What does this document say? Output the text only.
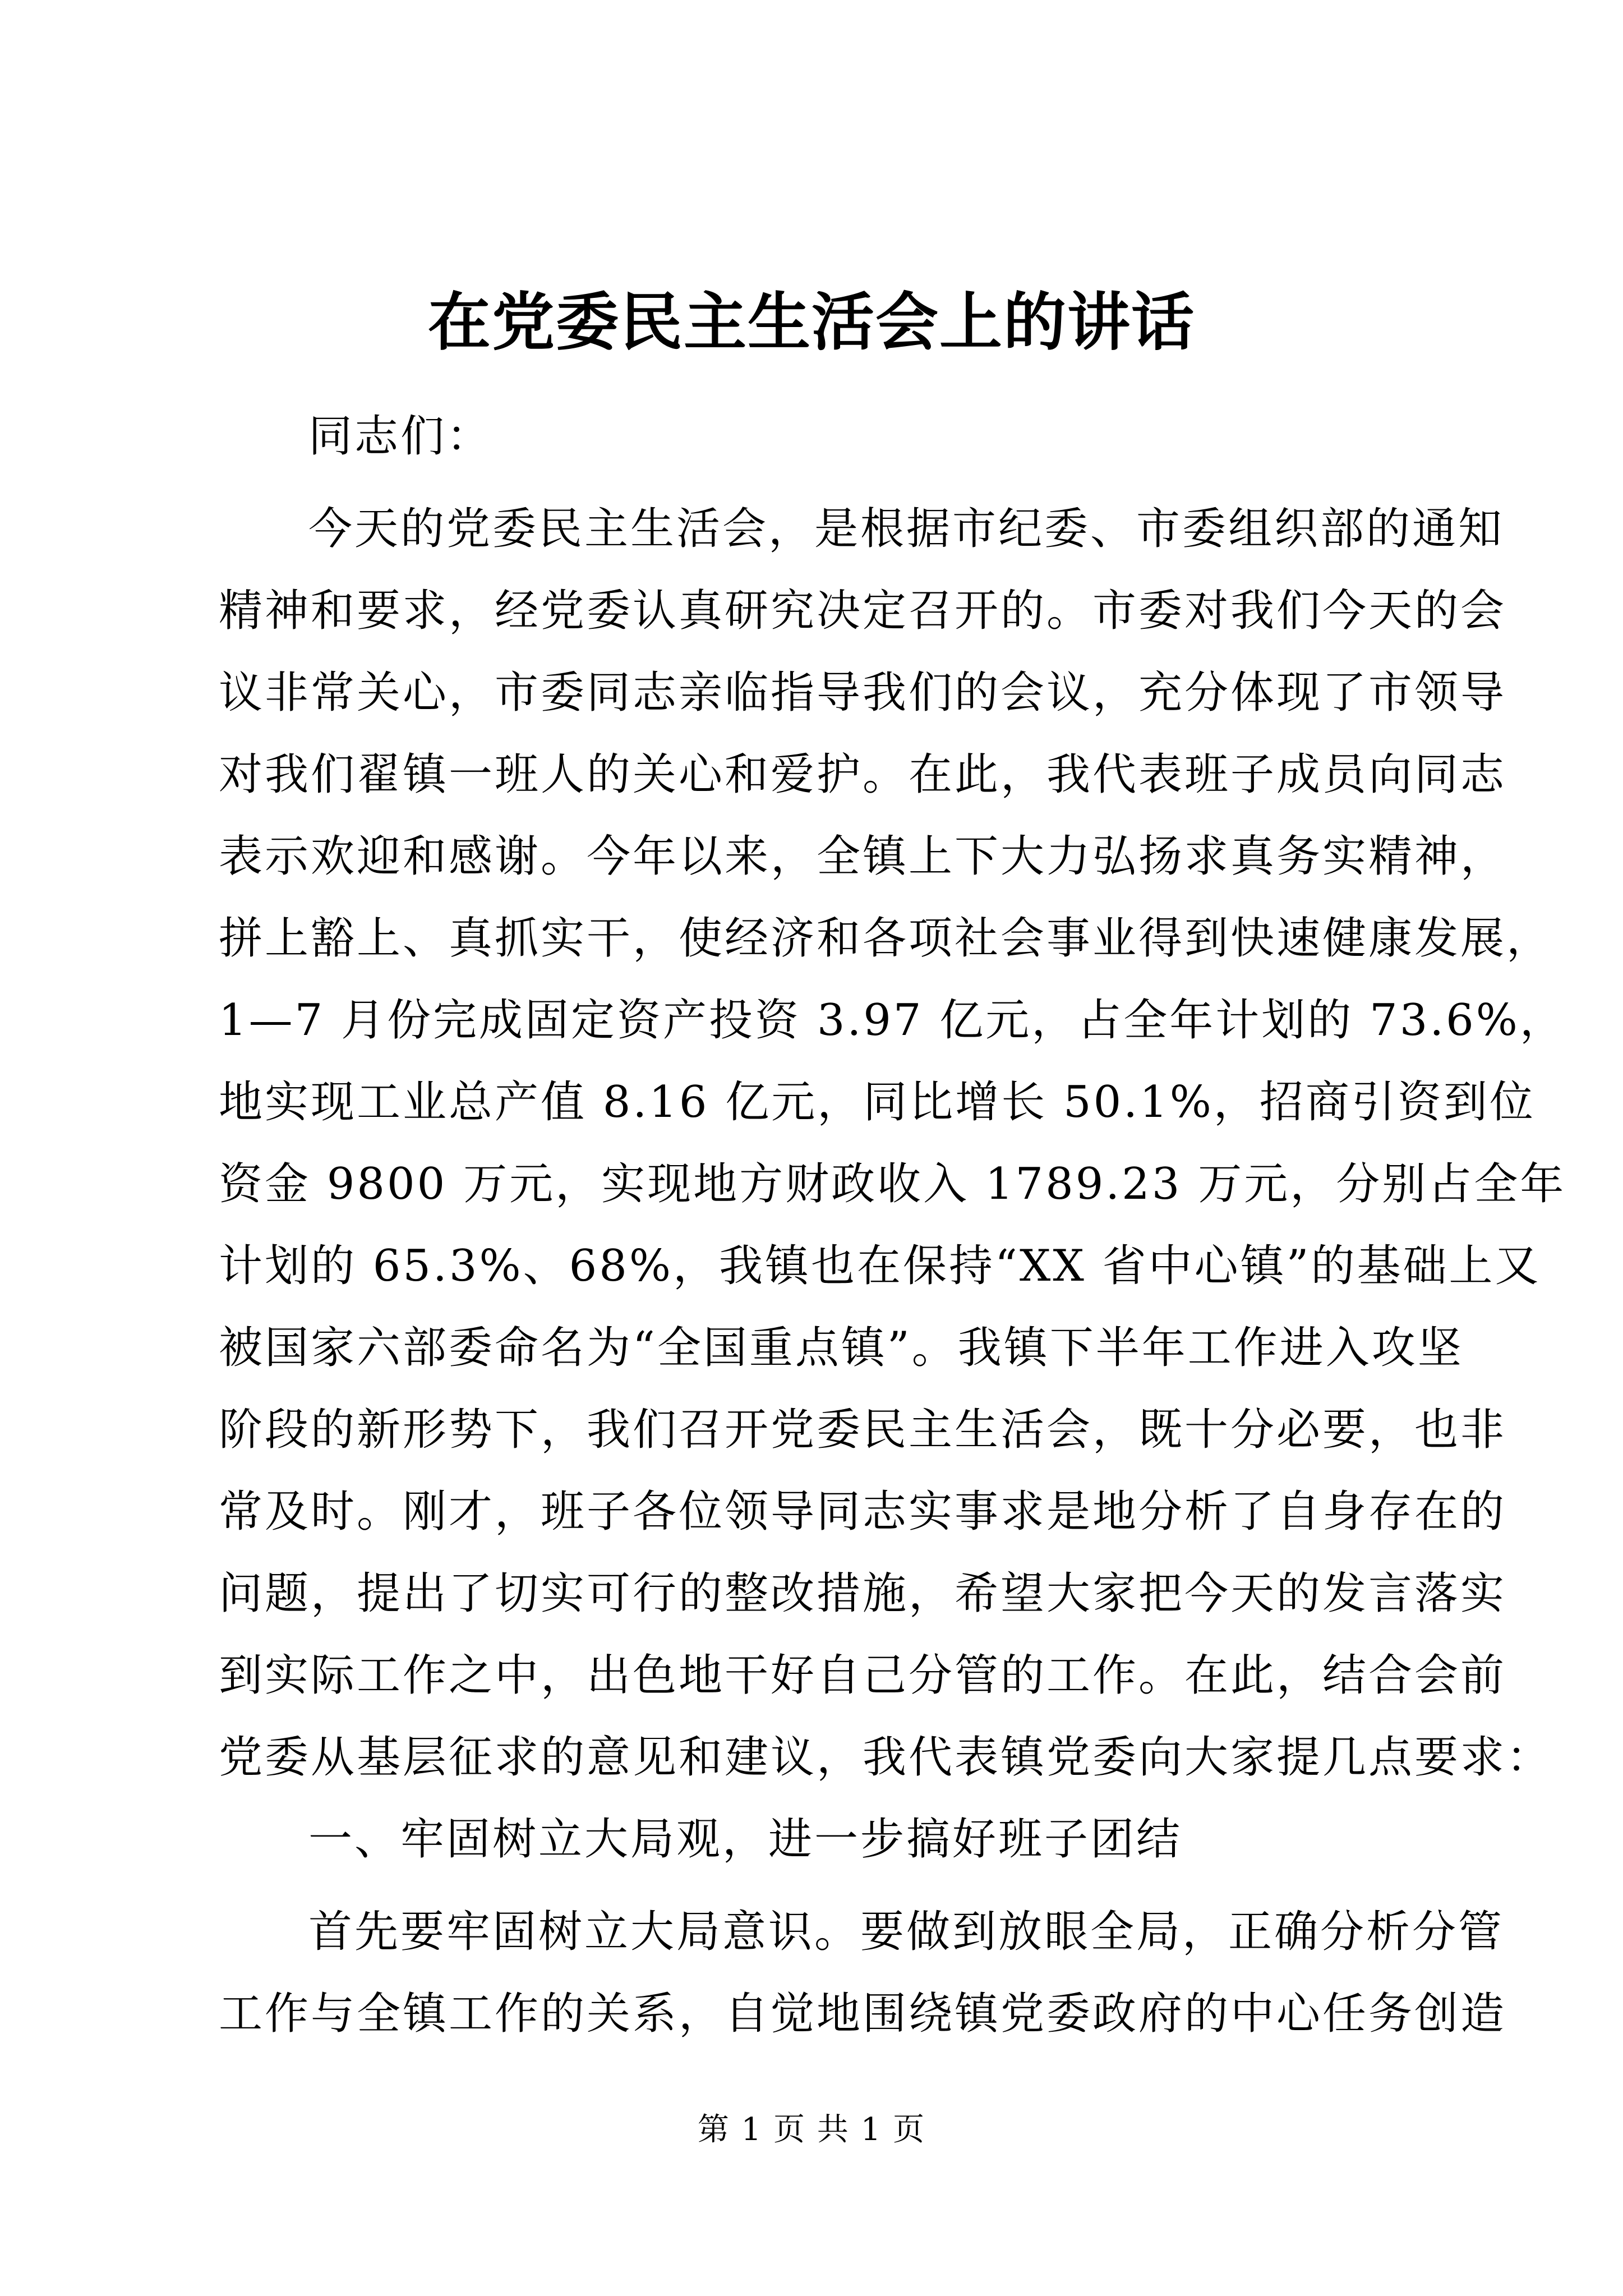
在党委民主生活会上的讲话
同志们：
今天的党委民主生活会，是根据市纪委、市委组织部的通知
精神和要求，经党委认真研究决定召开的。市委对我们今天的会
议非常关心，市委同志亲临指导我们的会议，充分体现了市领导
对我们翟镇一班人的关心和爱护。在此，我代表班子成员向同志
表示欢迎和感谢。今年以来，全镇上下大力弘扬求真务实精神，
拼上豁上、真抓实干，使经济和各项社会事业得到快速健康发展，
1—7 月份完成固定资产投资 3.97 亿元，占全年计划的 73.6%，
地实现工业总产值 8.16 亿元，同比增长 50.1%，招商引资到位
资金 9800 万元，实现地方财政收入 1789.23 万元，分别占全年
计划的 65.3%、68%，我镇也在保持“XX 省中心镇”的基础上又
被国家六部委命名为“全国重点镇”。我镇下半年工作进入攻坚
阶段的新形势下，我们召开党委民主生活会，既十分必要，也非
常及时。刚才，班子各位领导同志实事求是地分析了自身存在的
问题，提出了切实可行的整改措施，希望大家把今天的发言落实
到实际工作之中，出色地干好自己分管的工作。在此，结合会前
党委从基层征求的意见和建议，我代表镇党委向大家提几点要求：
一、牢固树立大局观，进一步搞好班子团结
首先要牢固树立大局意识。要做到放眼全局，正确分析分管
工作与全镇工作的关系，自觉地围绕镇党委政府的中心任务创造
第 1 页 共 1 页
